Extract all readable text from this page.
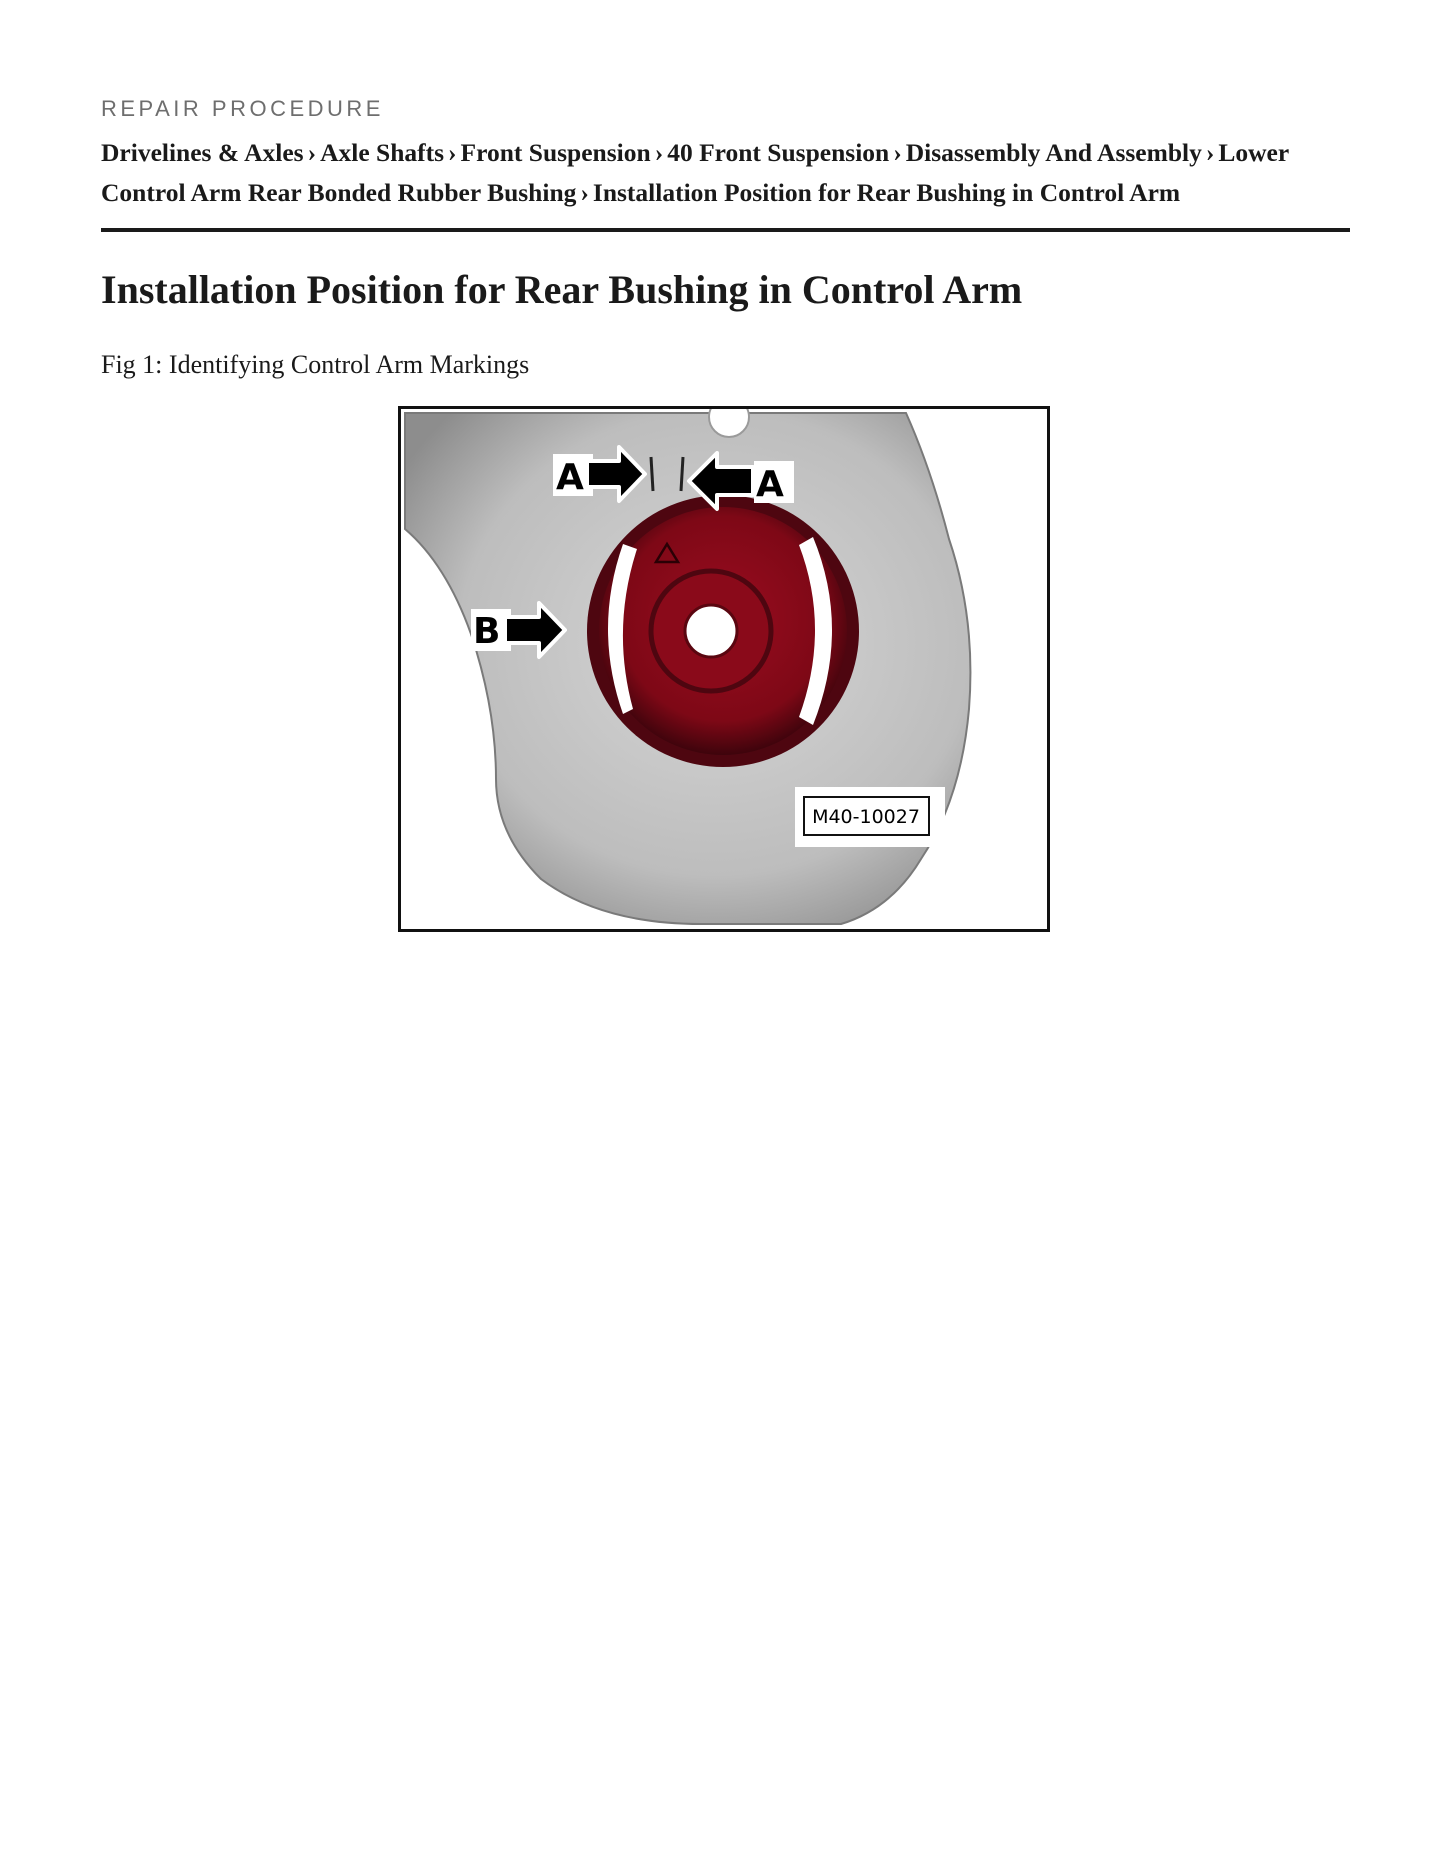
REPAIR PROCEDURE
Drivelines & Axles › Axle Shafts › Front Suspension › 40 Front Suspension › Disassembly And Assembly › Lower Control Arm Rear Bonded Rubber Bushing › Installation Position for Rear Bushing in Control Arm
Installation Position for Rear Bushing in Control Arm
Fig 1: Identifying Control Arm Markings
A	A
B
M40-10027
